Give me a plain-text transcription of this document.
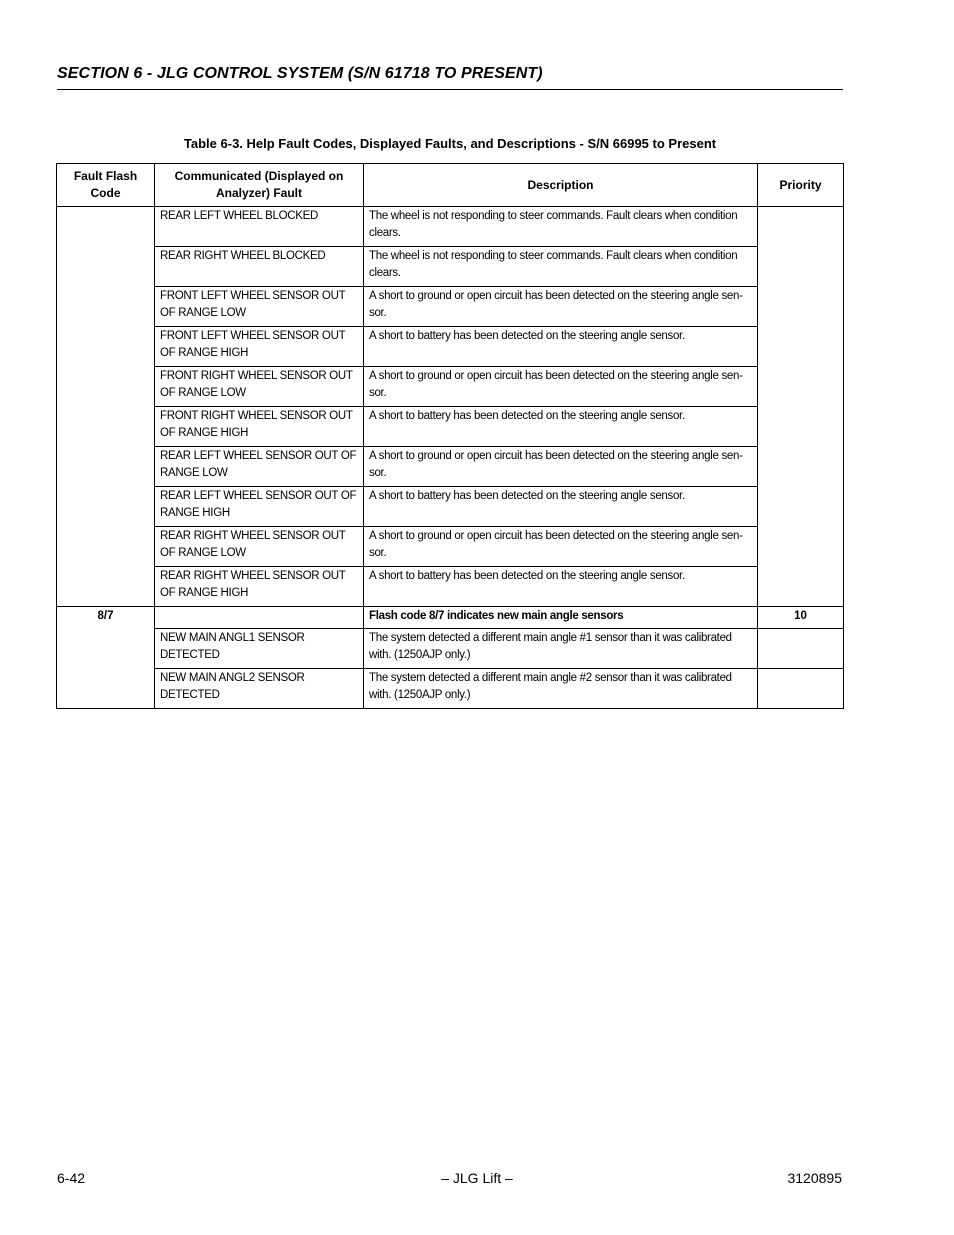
SECTION 6 - JLG CONTROL SYSTEM (S/N 61718 TO PRESENT)
Table 6-3. Help Fault Codes, Displayed Faults, and Descriptions - S/N 66995 to Present
Fault Flash Code	Communicated (Displayed on Analyzer) Fault	Description	Priority
	REAR LEFT WHEEL BLOCKED	The wheel is not responding to steer commands. Fault clears when condition clears.	
	REAR RIGHT WHEEL BLOCKED	The wheel is not responding to steer commands. Fault clears when condition clears.	
	FRONT LEFT WHEEL SENSOR OUT OF RANGE LOW	A short to ground or open circuit has been detected on the steering angle sen-sor.	
	FRONT LEFT WHEEL SENSOR OUT OF RANGE HIGH	A short to battery has been detected on the steering angle sensor.	
	FRONT RIGHT WHEEL SENSOR OUT OF RANGE LOW	A short to ground or open circuit has been detected on the steering angle sen-sor.	
	FRONT RIGHT WHEEL SENSOR OUT OF RANGE HIGH	A short to battery has been detected on the steering angle sensor.	
	REAR LEFT WHEEL SENSOR OUT OF RANGE LOW	A short to ground or open circuit has been detected on the steering angle sen-sor.	
	REAR LEFT WHEEL SENSOR OUT OF RANGE HIGH	A short to battery has been detected on the steering angle sensor.	
	REAR RIGHT WHEEL SENSOR OUT OF RANGE LOW	A short to ground or open circuit has been detected on the steering angle sen-sor.	
	REAR RIGHT WHEEL SENSOR OUT OF RANGE HIGH	A short to battery has been detected on the steering angle sensor.	
8/7		Flash code 8/7 indicates new main angle sensors	10
	NEW MAIN ANGL1 SENSOR DETECTED	The system detected a different main angle #1 sensor than it was calibrated with. (1250AJP only.)	
	NEW MAIN ANGL2 SENSOR DETECTED	The system detected a different main angle #2 sensor than it was calibrated with. (1250AJP only.)	
6-42	– JLG Lift –	3120895
